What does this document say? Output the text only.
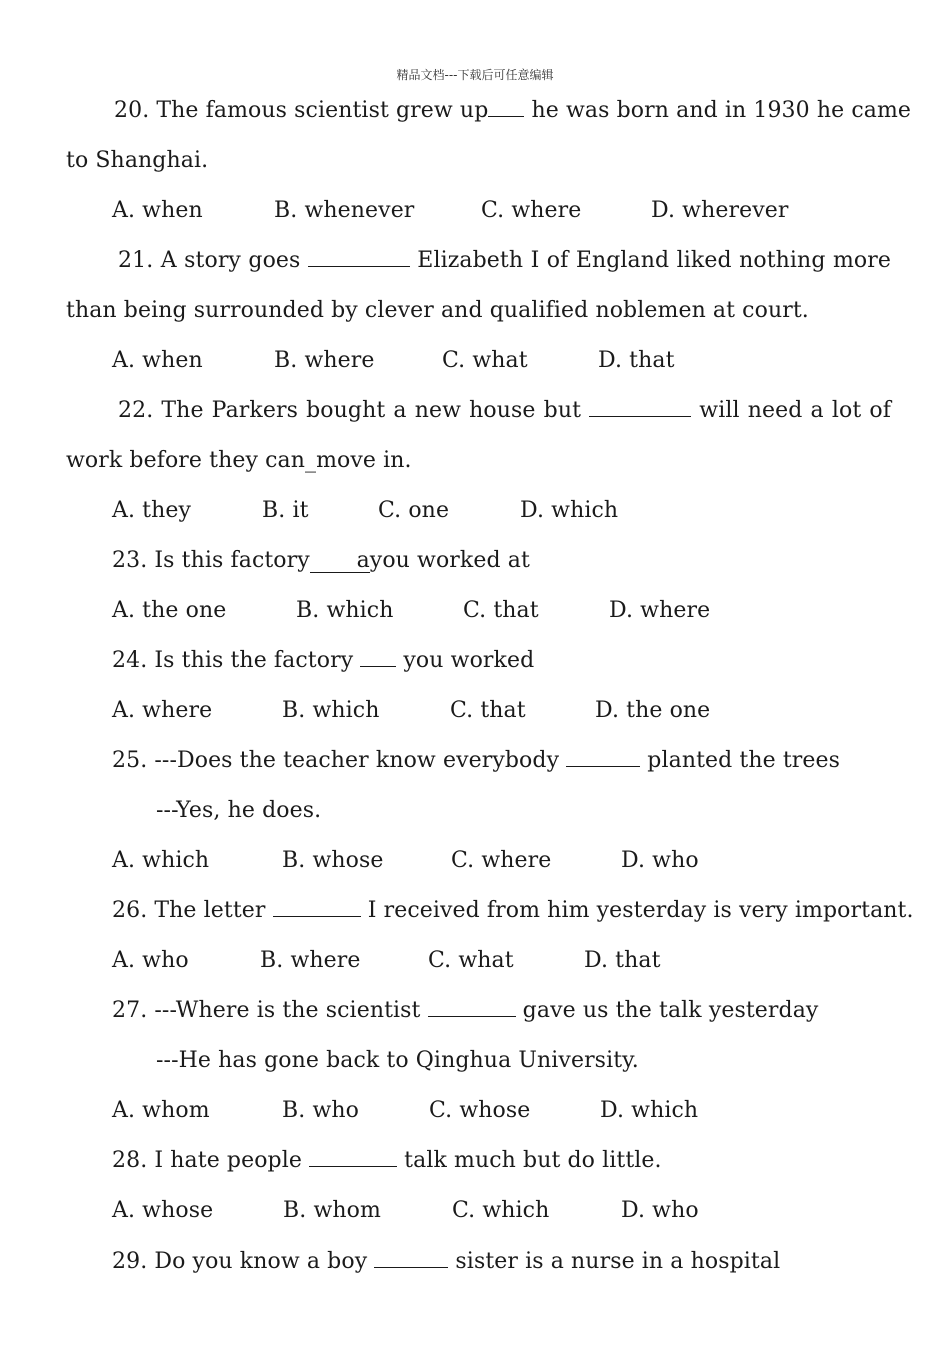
精品文档---下载后可任意编辑
20. The famous scientist grew up he was born and in 1930 he came
to Shanghai.
A. when	B. whenever	C. where	D. wherever
21. A story goes	Elizabeth I of England liked nothing more
than being surrounded by clever and qualified noblemen at court.
A. when	B. where	C. what	D. that
22. The Parkers bought a new house but	will need a lot of
work before they can_move in.
A. they	B. it	C. one	D. which
23. Is this factory ayou worked at
A. the one	B. which	C. that	D. where
24. Is this the factory  you worked
A. where	B. which	C. that	D. the one
25. ---Does the teacher know everybody	planted the trees
---Yes, he does.
A. which	B. whose	C. where	D. who
26. The letter	I received from him yesterday is very important.
A. who	B. where	C. what	D. that
27. ---Where is the scientist	gave us the talk yesterday
---He has gone back to Qinghua University.
A. whom	B. who	C. whose	D. which
28. I hate people	talk much but do little.
A. whose	B. whom	C. which	D. who
29. Do you know a boy	sister is a nurse in a hospital
